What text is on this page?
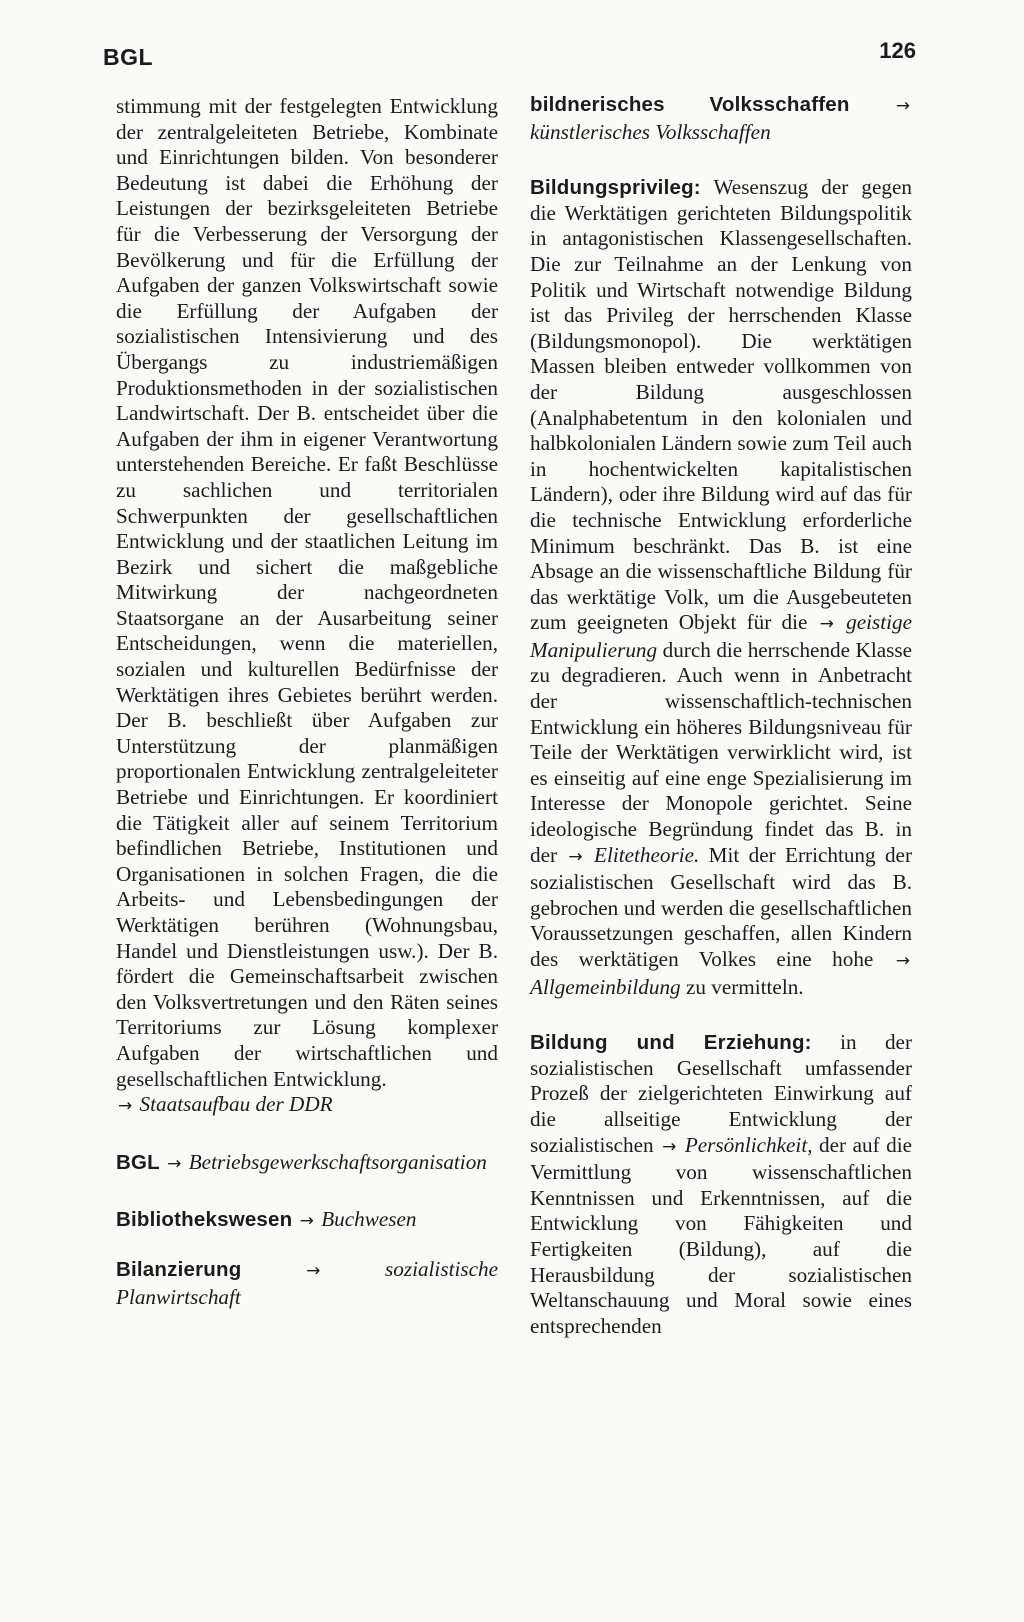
BGL	126

stimmung mit der festgelegten Entwicklung der zentralgeleiteten Betriebe, Kombinate und Einrichtungen bilden. Von besonderer Bedeutung ist dabei die Erhöhung der Leistungen der bezirksgeleiteten Betriebe für die Verbesserung der Versorgung der Bevölkerung und für die Erfüllung der Aufgaben der ganzen Volkswirtschaft sowie die Erfüllung der Aufgaben der sozialistischen Intensivierung und des Übergangs zu industriemäßigen Produktionsmethoden in der sozialistischen Landwirtschaft. Der B. entscheidet über die Aufgaben der ihm in eigener Verantwortung unterstehenden Bereiche. Er faßt Beschlüsse zu sachlichen und territorialen Schwerpunkten der gesellschaftlichen Entwicklung und der staatlichen Leitung im Bezirk und sichert die maßgebliche Mitwirkung der nachgeordneten Staatsorgane an der Ausarbeitung seiner Entscheidungen, wenn die materiellen, sozialen und kulturellen Bedürfnisse der Werktätigen ihres Gebietes berührt werden. Der B. beschließt über Aufgaben zur Unterstützung der planmäßigen proportionalen Entwicklung zentralgeleiteter Betriebe und Einrichtungen. Er koordiniert die Tätigkeit aller auf seinem Territorium befindlichen Betriebe, Institutionen und Organisationen in solchen Fragen, die die Arbeits- und Lebensbedingungen der Werktätigen berühren (Wohnungsbau, Handel und Dienstleistungen usw.). Der B. fördert die Gemeinschaftsarbeit zwischen den Volksvertretungen und den Räten seines Territoriums zur Lösung komplexer Aufgaben der wirtschaftlichen und gesellschaftlichen Entwicklung.
→ Staatsaufbau der DDR

BGL → Betriebsgewerkschaftsorganisation

Bibliothekswesen → Buchwesen

Bilanzierung	→	sozialistische Planwirtschaft

bildnerisches Volksschaffen	→ künstlerisches Volksschaffen

Bildungsprivileg: Wesenszug der gegen die Werktätigen gerichteten Bildungspolitik in antagonistischen Klassengesellschaften. Die zur Teilnahme an der Lenkung von Politik und Wirtschaft notwendige Bildung ist das Privileg der herrschenden Klasse (Bildungsmonopol). Die werktätigen Massen bleiben entweder vollkommen von der Bildung ausgeschlossen (Analphabetentum in den kolonialen und halbkolonialen Ländern sowie zum Teil auch in hochentwickelten kapitalistischen Ländern), oder ihre Bildung wird auf das für die technische Entwicklung erforderliche Minimum beschränkt. Das B. ist eine Absage an die wissenschaftliche Bildung für das werktätige Volk, um die Ausgebeuteten zum geeigneten Objekt für die → geistige Manipulierung durch die herrschende Klasse zu degradieren. Auch wenn in Anbetracht der wissenschaftlich-technischen Entwicklung ein höheres Bildungsniveau für Teile der Werktätigen verwirklicht wird, ist es einseitig auf eine enge Spezialisierung im Interesse der Monopole gerichtet. Seine ideologische Begründung findet das B. in der → Elitetheorie. Mit der Errichtung der sozialistischen Gesellschaft wird das B. gebrochen und werden die gesellschaftlichen Voraussetzungen geschaffen, allen Kindern des werktätigen Volkes eine hohe → Allgemeinbildung zu vermitteln.

Bildung und Erziehung: in der sozialistischen Gesellschaft umfassender Prozeß der zielgerichteten Einwirkung auf die allseitige Entwicklung der sozialistischen → Persönlichkeit, der auf die Vermittlung von wissenschaftlichen Kenntnissen und Erkenntnissen, auf die Entwicklung von Fähigkeiten und Fertigkeiten (Bildung), auf die Herausbildung der sozialistischen Weltanschauung und Moral sowie eines entsprechenden
